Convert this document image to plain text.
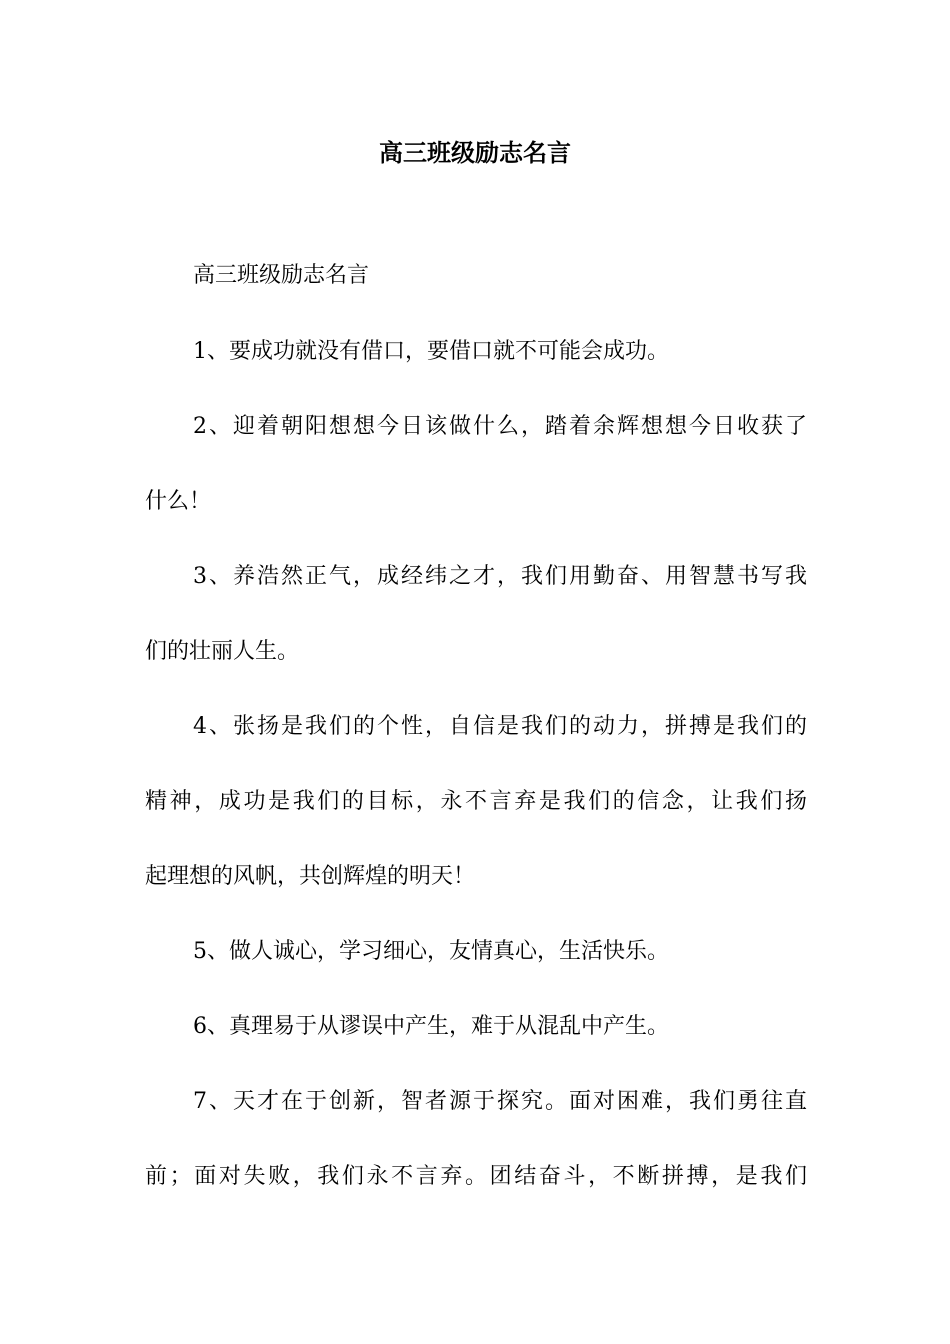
高三班级励志名言
高三班级励志名言
1、要成功就没有借口，要借口就不可能会成功。
2、迎着朝阳想想今日该做什么，踏着余辉想想今日收获了
什么！
3、养浩然正气，成经纬之才，我们用勤奋、用智慧书写我
们的壮丽人生。
4、张扬是我们的个性，自信是我们的动力，拼搏是我们的
精神，成功是我们的目标，永不言弃是我们的信念，让我们扬
起理想的风帆，共创辉煌的明天！
5、做人诚心，学习细心，友情真心，生活快乐。
6、真理易于从谬误中产生，难于从混乱中产生。
7、天才在于创新，智者源于探究。面对困难，我们勇往直
前；面对失败，我们永不言弃。团结奋斗，不断拼搏，是我们
